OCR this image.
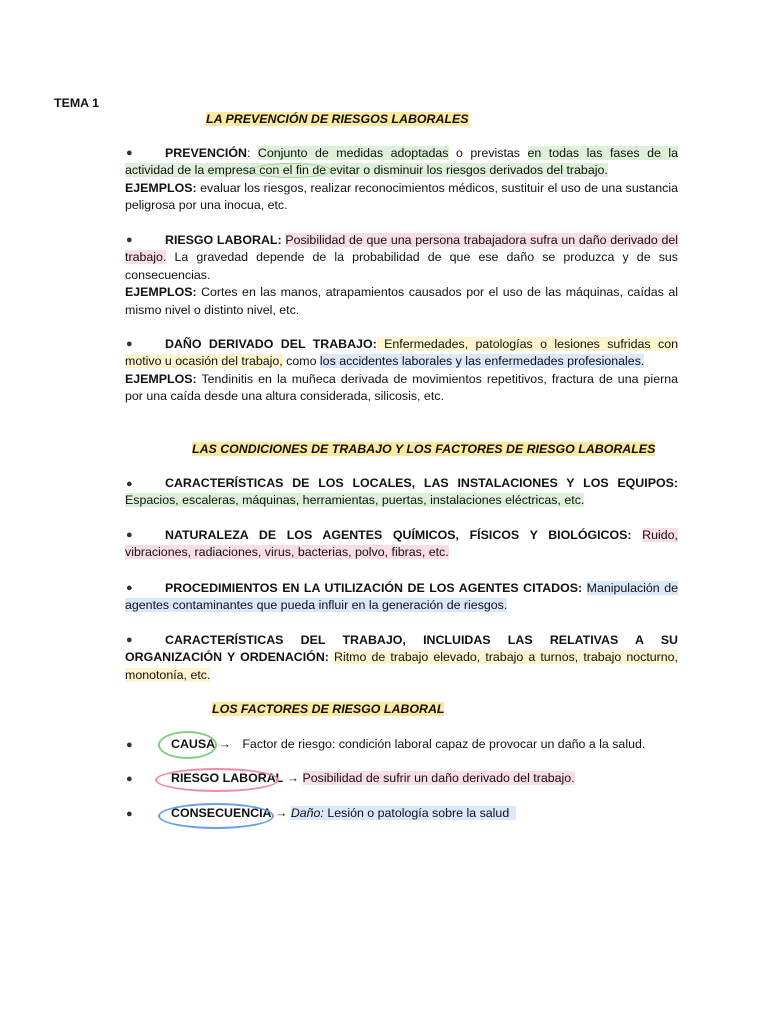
TEMA 1
LA PREVENCIÓN DE RIESGOS LABORALES
●	PREVENCIÓN: Conjunto de medidas adoptadas o previstas en todas las fases de la actividad de la empresa con el fin de evitar o disminuir los riesgos derivados del trabajo.
EJEMPLOS: evaluar los riesgos, realizar reconocimientos médicos, sustituir el uso de una sustancia peligrosa por una inocua, etc.
●	RIESGO LABORAL: Posibilidad de que una persona trabajadora sufra un daño derivado del trabajo. La gravedad depende de la probabilidad de que ese daño se produzca y de sus consecuencias.
EJEMPLOS: Cortes en las manos, atrapamientos causados por el uso de las máquinas, caídas al mismo nivel o distinto nivel, etc.
●	DAÑO DERIVADO DEL TRABAJO: Enfermedades, patologías o lesiones sufridas con motivo u ocasión del trabajo, como los accidentes laborales y las enfermedades profesionales.
EJEMPLOS: Tendinitis en la muñeca derivada de movimientos repetitivos, fractura de una pierna por una caída desde una altura considerada, silicosis, etc.
LAS CONDICIONES DE TRABAJO Y LOS FACTORES DE RIESGO LABORALES
●	CARACTERÍSTICAS DE LOS LOCALES, LAS INSTALACIONES Y LOS EQUIPOS: Espacios, escaleras, máquinas, herramientas, puertas, instalaciones eléctricas, etc.
●	NATURALEZA DE LOS AGENTES QUÍMICOS, FÍSICOS Y BIOLÓGICOS: Ruido, vibraciones, radiaciones, virus, bacterias, polvo, fibras, etc.
●	PROCEDIMIENTOS EN LA UTILIZACIÓN DE LOS AGENTES CITADOS: Manipulación de agentes contaminantes que pueda influir en la generación de riesgos.
●	CARACTERÍSTICAS DEL TRABAJO, INCLUIDAS LAS RELATIVAS A SU ORGANIZACIÓN Y ORDENACIÓN: Ritmo de trabajo elevado, trabajo a turnos, trabajo nocturno, monotonía, etc.
LOS FACTORES DE RIESGO LABORAL
●	CAUSA → Factor de riesgo: condición laboral capaz de provocar un daño a la salud.
●	RIESGO LABORAL → Posibilidad de sufrir un daño derivado del trabajo.
●	CONSECUENCIA → Daño: Lesión o patología sobre la salud
